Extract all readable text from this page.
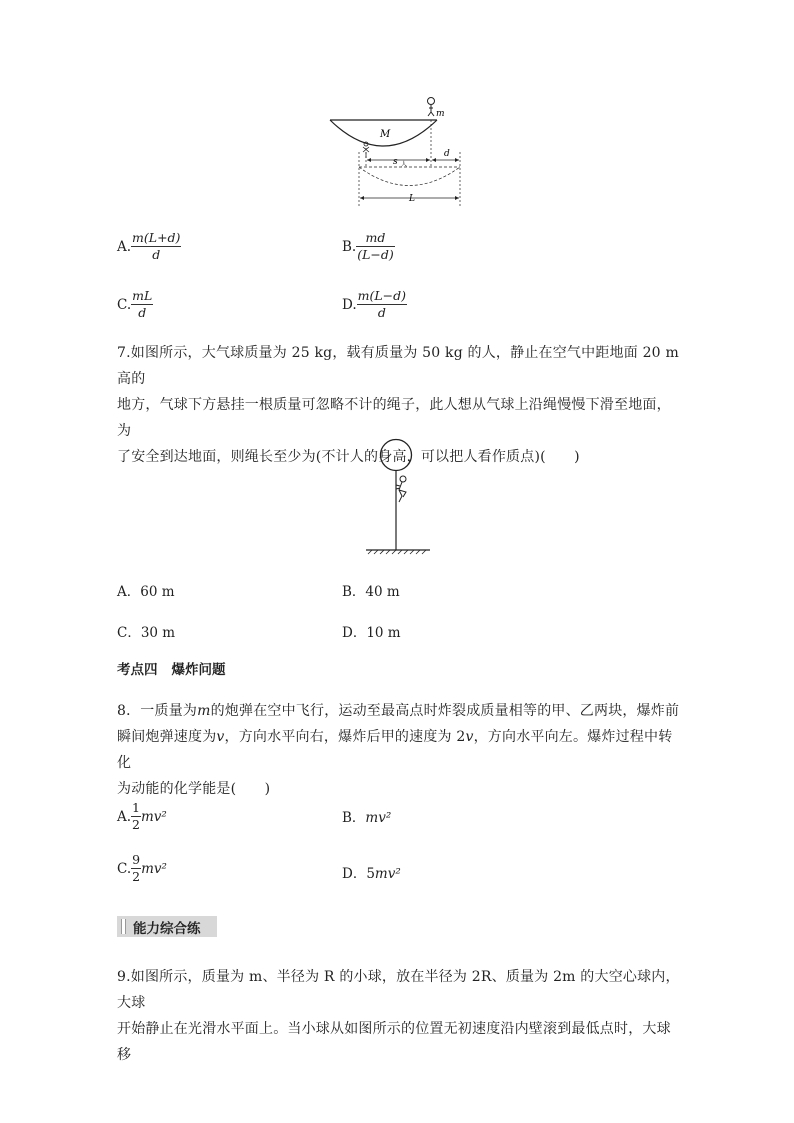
m
M
s 人
d
L
A. $\frac{m(L+d)}{d}$	B. $\frac{md}{(L-d)}$
C. $\frac{mL}{d}$	D. $\frac{m(L-d)}{d}$
7.如图所示，大气球质量为 25 kg，载有质量为 50 kg 的人，静止在空气中距地面 20 m 高的
地方，气球下方悬挂一根质量可忽略不计的绳子，此人想从气球上沿绳慢慢下滑至地面，为
了安全到达地面，则绳长至少为(不计人的身高，可以把人看作质点)(　　)
A．60 m	B．40 m
C．30 m	D．10 m
考点四 爆炸问题
8．一质量为m的炮弹在空中飞行，运动至最高点时炸裂成质量相等的甲、乙两块，爆炸前
瞬间炮弹速度为v，方向水平向右，爆炸后甲的速度为 2v，方向水平向左。爆炸过程中转化
为动能的化学能是(　　)
A. $\frac{1}{2} mv^2$	B．mv²
C. $\frac{9}{2} mv^2$	D．5mv²
能力综合练
9.如图所示，质量为 m、半径为 R 的小球，放在半径为 2R、质量为 2m 的大空心球内，大球
开始静止在光滑水平面上。当小球从如图所示的位置无初速度沿内壁滚到最低点时，大球移
